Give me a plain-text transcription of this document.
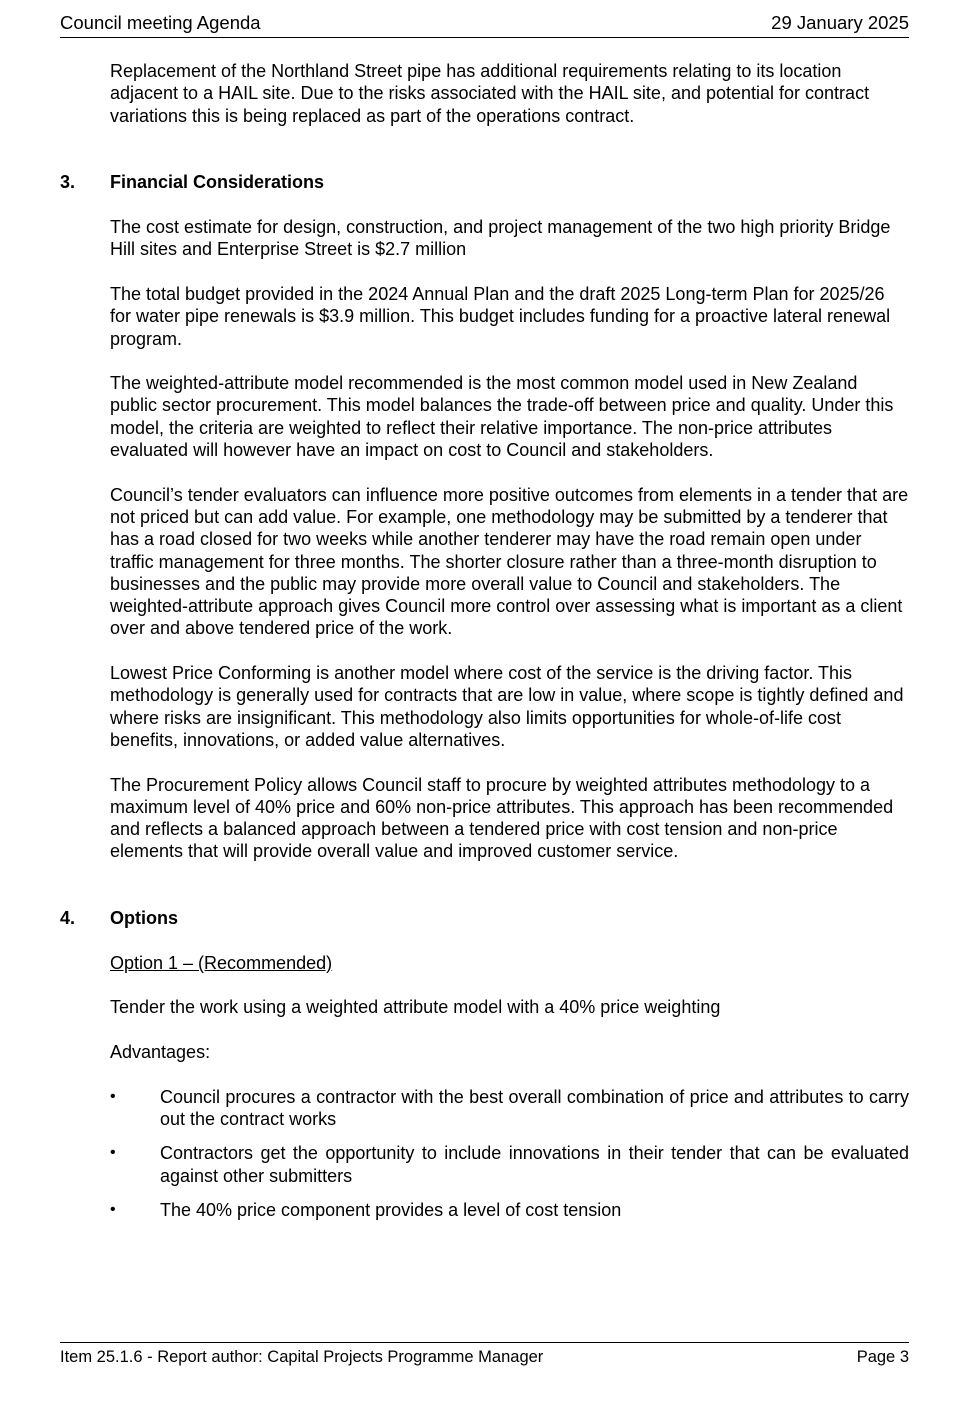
Council meeting Agenda	29 January 2025

Replacement of the Northland Street pipe has additional requirements relating to its location adjacent to a HAIL site. Due to the risks associated with the HAIL site, and potential for contract variations this is being replaced as part of the operations contract.

3.	Financial Considerations

The cost estimate for design, construction, and project management of the two high priority Bridge Hill sites and Enterprise Street is $2.7 million

The total budget provided in the 2024 Annual Plan and the draft 2025 Long-term Plan for 2025/26 for water pipe renewals is $3.9 million. This budget includes funding for a proactive lateral renewal program.

The weighted-attribute model recommended is the most common model used in New Zealand public sector procurement. This model balances the trade-off between price and quality. Under this model, the criteria are weighted to reflect their relative importance. The non-price attributes evaluated will however have an impact on cost to Council and stakeholders.

Council’s tender evaluators can influence more positive outcomes from elements in a tender that are not priced but can add value. For example, one methodology may be submitted by a tenderer that has a road closed for two weeks while another tenderer may have the road remain open under traffic management for three months. The shorter closure rather than a three-month disruption to businesses and the public may provide more overall value to Council and stakeholders. The weighted-attribute approach gives Council more control over assessing what is important as a client over and above tendered price of the work.

Lowest Price Conforming is another model where cost of the service is the driving factor. This methodology is generally used for contracts that are low in value, where scope is tightly defined and where risks are insignificant. This methodology also limits opportunities for whole-of-life cost benefits, innovations, or added value alternatives.

The Procurement Policy allows Council staff to procure by weighted attributes methodology to a maximum level of 40% price and 60% non-price attributes. This approach has been recommended and reflects a balanced approach between a tendered price with cost tension and non-price elements that will provide overall value and improved customer service.

4.	Options

Option 1 – (Recommended)

Tender the work using a weighted attribute model with a 40% price weighting

Advantages:

•	Council procures a contractor with the best overall combination of price and attributes to carry out the contract works
•	Contractors get the opportunity to include innovations in their tender that can be evaluated against other submitters
•	The 40% price component provides a level of cost tension
Item 25.1.6 - Report author: Capital Projects Programme Manager	Page 3
